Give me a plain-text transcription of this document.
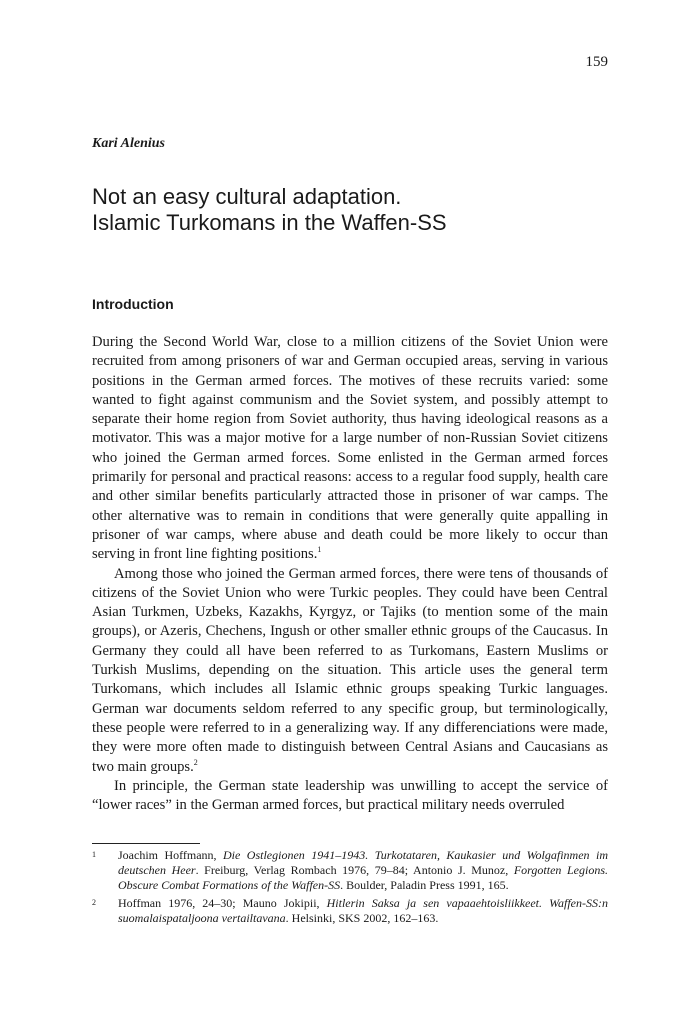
159
Kari Alenius
Not an easy cultural adaptation.
Islamic Turkomans in the Waffen-SS
Introduction

During the Second World War, close to a million citizens of the Soviet Union were recruited from among prisoners of war and German occupied areas, serving in various positions in the German armed forces. The motives of these recruits varied: some wanted to fight against communism and the Soviet system, and possibly attempt to separate their home region from Soviet authority, thus having ideological reasons as a motivator. This was a major motive for a large number of non-Russian Soviet citizens who joined the German armed forces. Some enlisted in the German armed forces primarily for personal and practical reasons: access to a regular food supply, health care and other similar benefits particularly attracted those in prisoner of war camps. The other alternative was to remain in conditions that were generally quite appalling in prisoner of war camps, where abuse and death could be more likely to occur than serving in front line fighting positions.$^1$

Among those who joined the German armed forces, there were tens of thousands of citizens of the Soviet Union who were Turkic peoples. They could have been Central Asian Turkmen, Uzbeks, Kazakhs, Kyrgyz, or Tajiks (to mention some of the main groups), or Azeris, Chechens, Ingush or other smaller ethnic groups of the Caucasus. In Germany they could all have been referred to as Turkomans, Eastern Muslims or Turkish Muslims, depending on the situation. This article uses the general term Turkomans, which includes all Islamic ethnic groups speaking Turkic languages. German war documents seldom referred to any specific group, but terminologically, these people were referred to in a generalizing way. If any differenciations were made, they were more often made to distinguish between Central Asians and Caucasians as two main groups.$^2$

In principle, the German state leadership was unwilling to accept the service of “lower races” in the German armed forces, but practical military needs overruled

1 Joachim Hoffmann, Die Ostlegionen 1941–1943. Turkotataren, Kaukasier und Wolgafinmen im deutschen Heer. Freiburg, Verlag Rombach 1976, 79–84; Antonio J. Munoz, Forgotten Legions. Obscure Combat Formations of the Waffen-SS. Boulder, Paladin Press 1991, 165.
2 Hoffman 1976, 24–30; Mauno Jokipii, Hitlerin Saksa ja sen vapaaehtoisliikkeet. Waffen-SS:n suomalaispataljoona vertailtavana. Helsinki, SKS 2002, 162–163.
